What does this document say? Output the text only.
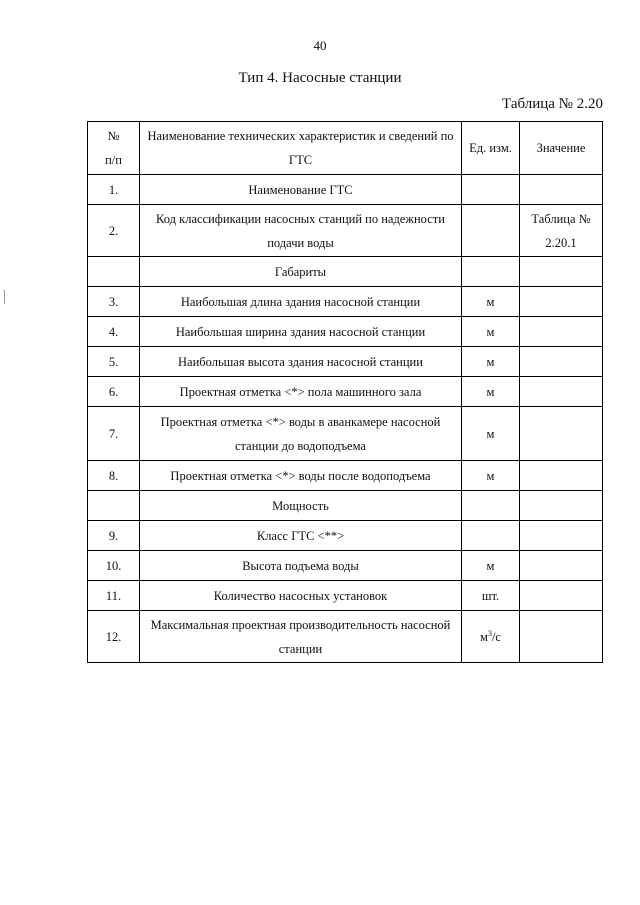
40
Тип 4. Насосные станции
Таблица № 2.20
№
п/п	Наименование технических характеристик и сведений по ГТС	Ед. изм.	Значение
1.	Наименование ГТС		
2.	Код классификации насосных станций по надежности подачи воды		Таблица № 2.20.1
	Габариты		
3.	Наибольшая длина здания насосной станции	м	
4.	Наибольшая ширина здания насосной станции	м	
5.	Наибольшая высота здания насосной станции	м	
6.	Проектная отметка <*> пола машинного зала	м	
7.	Проектная отметка <*> воды в аванкамере насосной станции до водоподъема	м	
8.	Проектная отметка <*> воды после водоподъема	м	
	Мощность		
9.	Класс ГТС <**>		
10.	Высота подъема воды	м	
11.	Количество насосных установок	шт.	
12.	Максимальная проектная производительность насосной станции	$м^3/с$	
